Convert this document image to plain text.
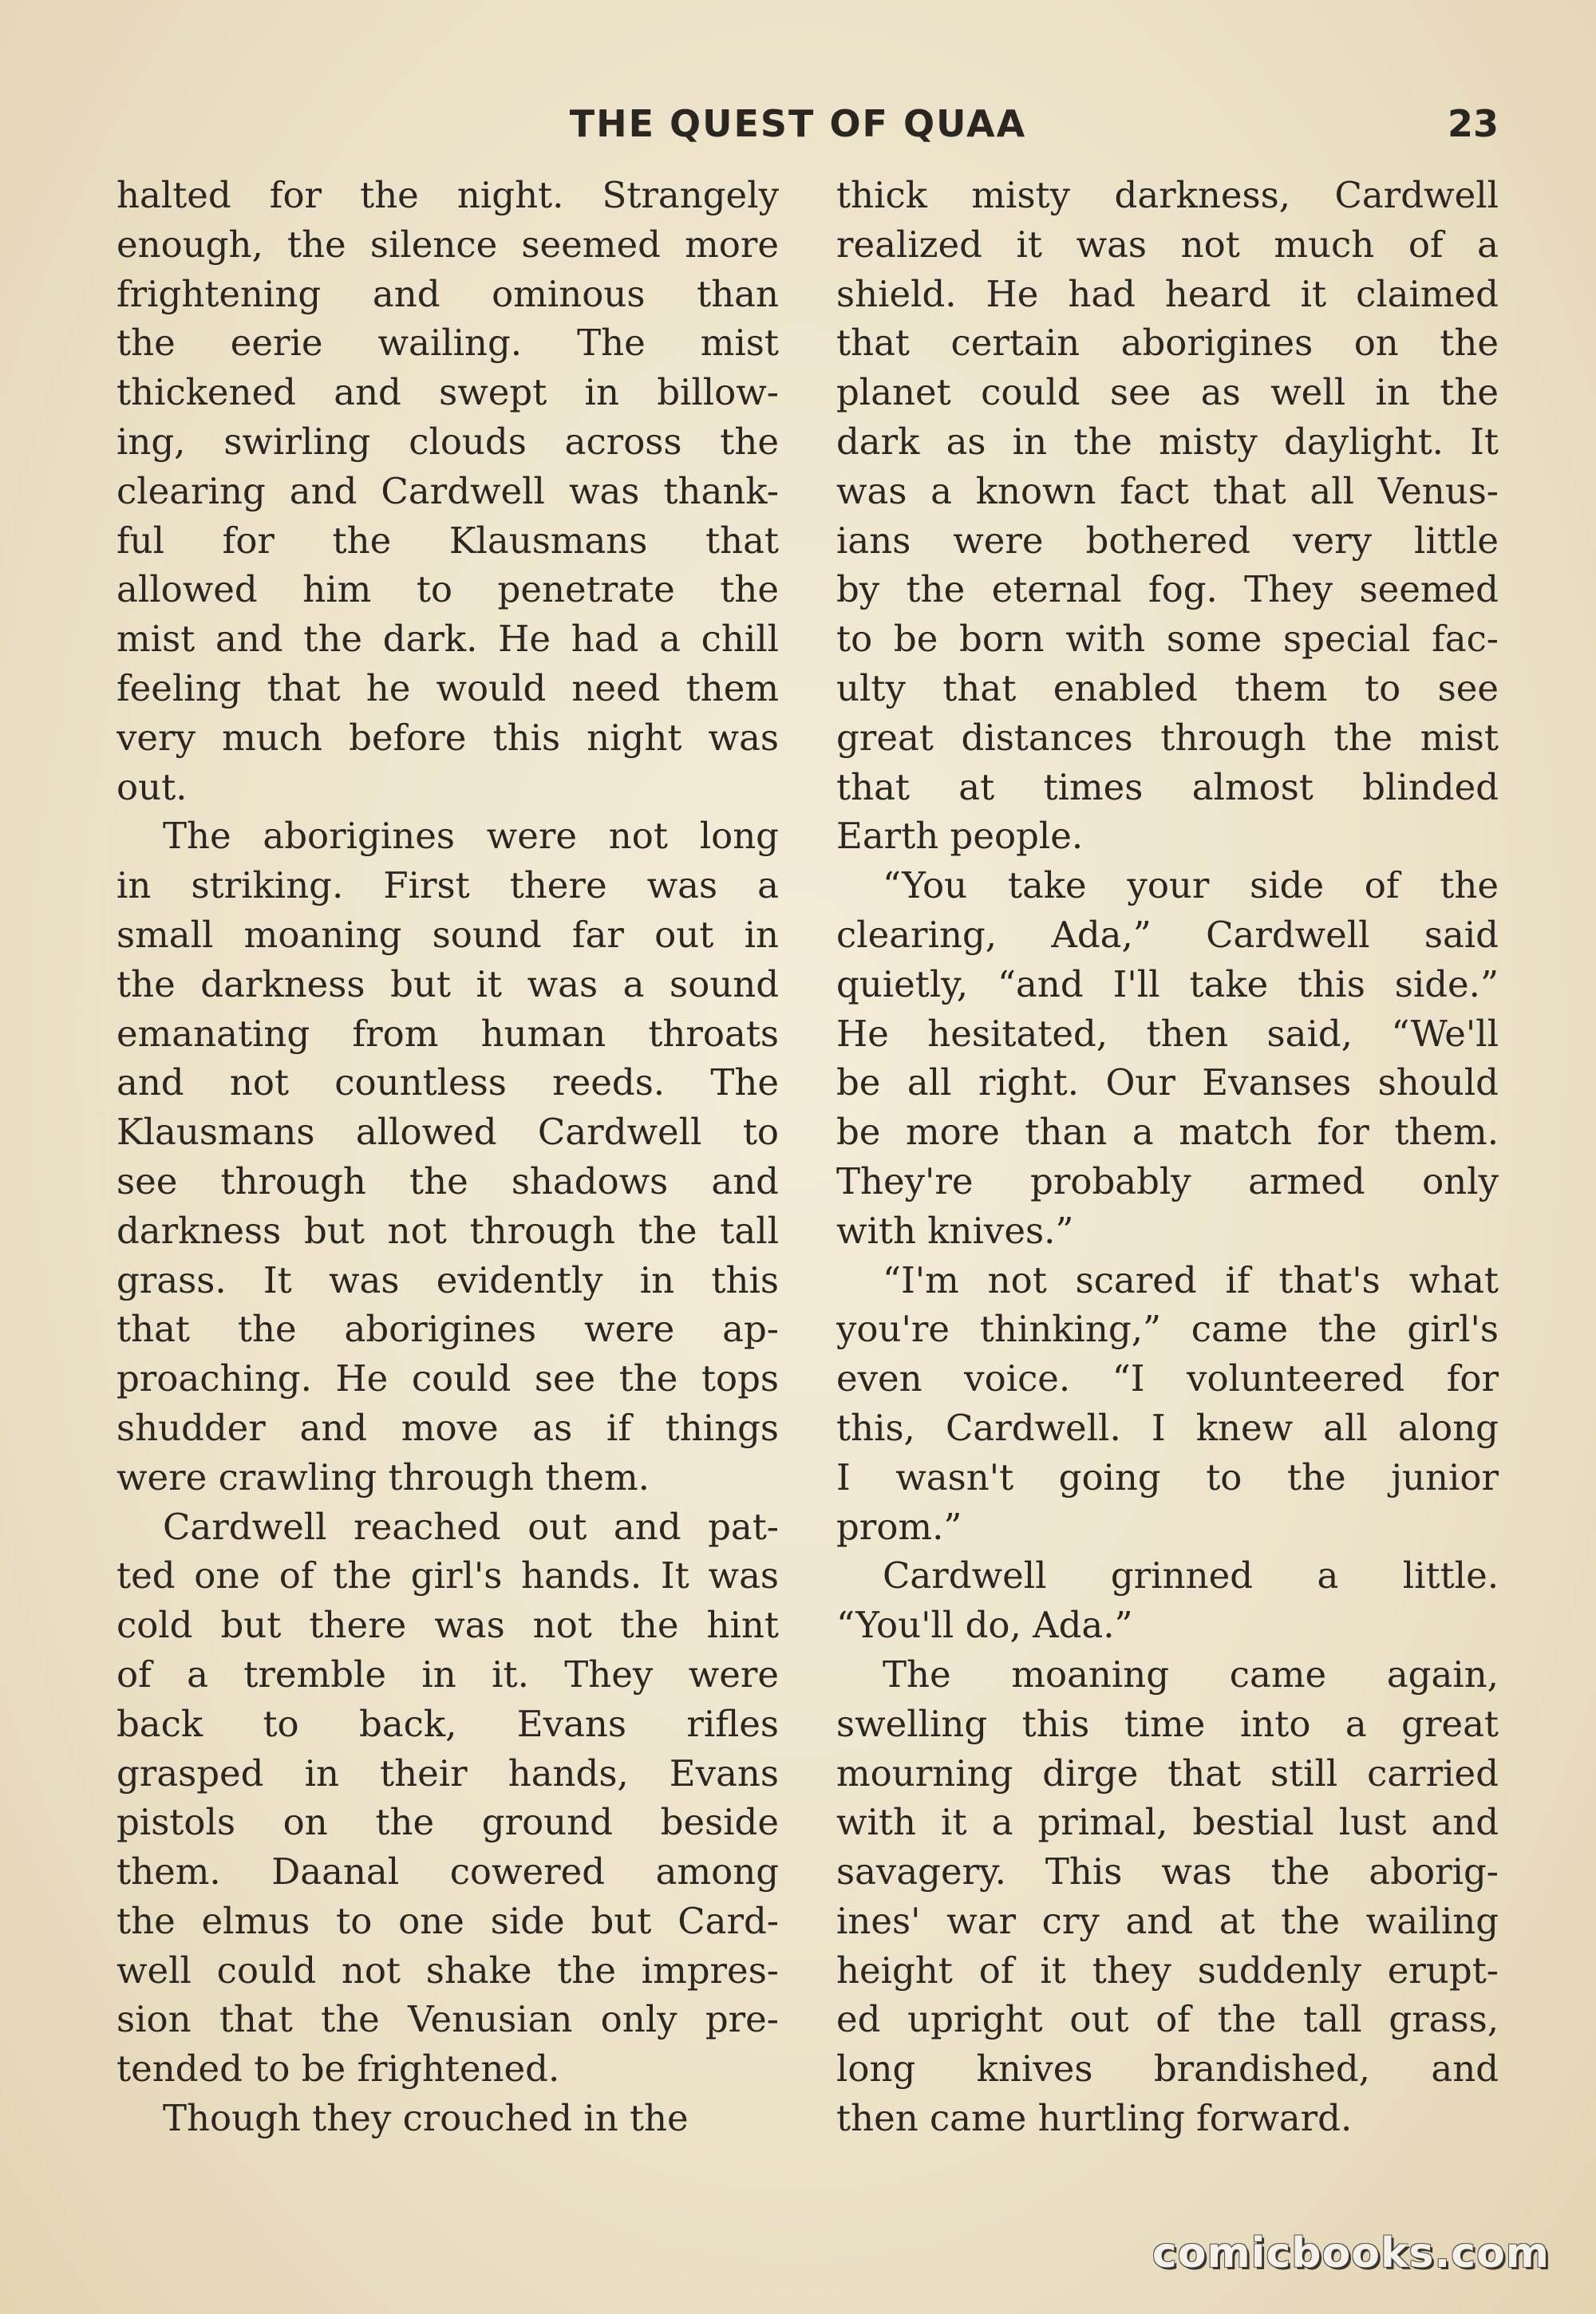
THE QUEST OF QUAA	23
halted for the night. Strangely
enough, the silence seemed more
frightening and ominous than
the eerie wailing. The mist
thickened and swept in billow-
ing, swirling clouds across the
clearing and Cardwell was thank-
ful for the Klausmans that
allowed him to penetrate the
mist and the dark. He had a chill
feeling that he would need them
very much before this night was
out.
The aborigines were not long
in striking. First there was a
small moaning sound far out in
the darkness but it was a sound
emanating from human throats
and not countless reeds. The
Klausmans allowed Cardwell to
see through the shadows and
darkness but not through the tall
grass. It was evidently in this
that the aborigines were ap-
proaching. He could see the tops
shudder and move as if things
were crawling through them.
Cardwell reached out and pat-
ted one of the girl's hands. It was
cold but there was not the hint
of a tremble in it. They were
back to back, Evans rifles
grasped in their hands, Evans
pistols on the ground beside
them. Daanal cowered among
the elmus to one side but Card-
well could not shake the impres-
sion that the Venusian only pre-
tended to be frightened.
Though they crouched in the
thick misty darkness, Cardwell
realized it was not much of a
shield. He had heard it claimed
that certain aborigines on the
planet could see as well in the
dark as in the misty daylight. It
was a known fact that all Venus-
ians were bothered very little
by the eternal fog. They seemed
to be born with some special fac-
ulty that enabled them to see
great distances through the mist
that at times almost blinded
Earth people.
“You take your side of the
clearing, Ada,” Cardwell said
quietly, “and I'll take this side.”
He hesitated, then said, “We'll
be all right. Our Evanses should
be more than a match for them.
They're probably armed only
with knives.”
“I'm not scared if that's what
you're thinking,” came the girl's
even voice. “I volunteered for
this, Cardwell. I knew all along
I wasn't going to the junior
prom.”
Cardwell grinned a little.
“You'll do, Ada.”
The moaning came again,
swelling this time into a great
mourning dirge that still carried
with it a primal, bestial lust and
savagery. This was the aborig-
ines' war cry and at the wailing
height of it they suddenly erupt-
ed upright out of the tall grass,
long knives brandished, and
then came hurtling forward.
comicbooks.com
